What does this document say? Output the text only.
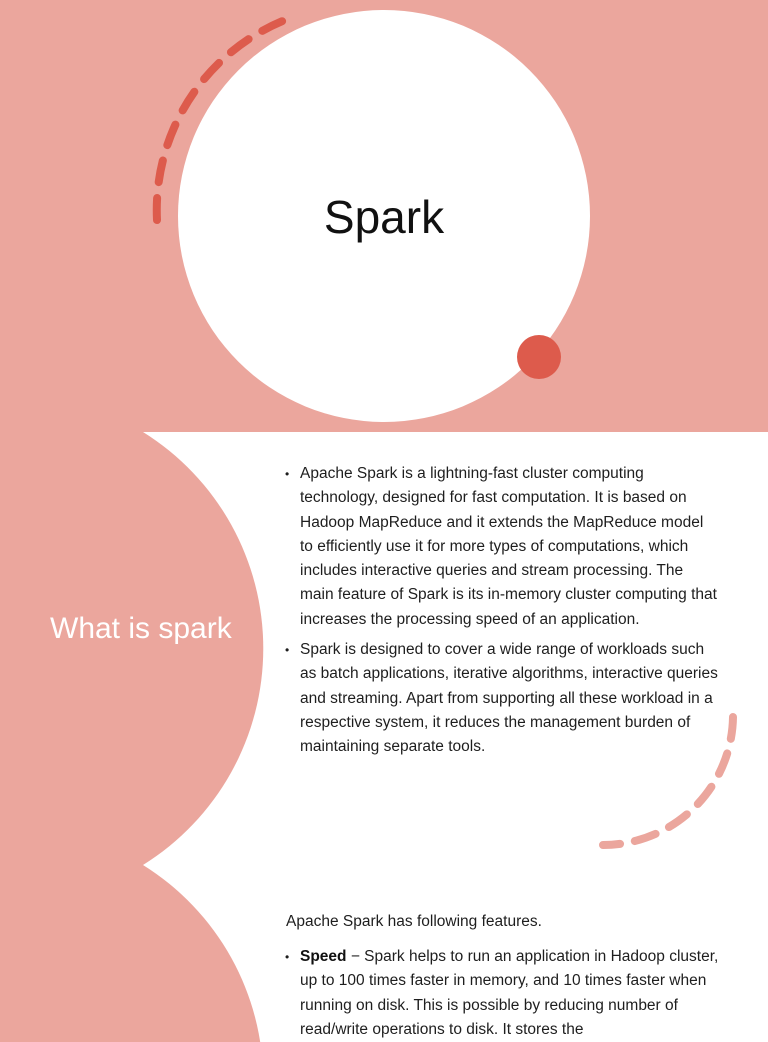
Spark
What is spark
• Apache Spark is a lightning-fast cluster computing technology, designed for fast computation. It is based on Hadoop MapReduce and it extends the MapReduce model to efficiently use it for more types of computations, which includes interactive queries and stream processing. The main feature of Spark is its in-memory cluster computing that increases the processing speed of an application.
• Spark is designed to cover a wide range of workloads such as batch applications, iterative algorithms, interactive queries and streaming. Apart from supporting all these workload in a respective system, it reduces the management burden of maintaining separate tools.

Apache Spark has following features.

• Speed − Spark helps to run an application in Hadoop cluster, up to 100 times faster in memory, and 10 times faster when running on disk. This is possible by reducing number of read/write operations to disk. It stores the
